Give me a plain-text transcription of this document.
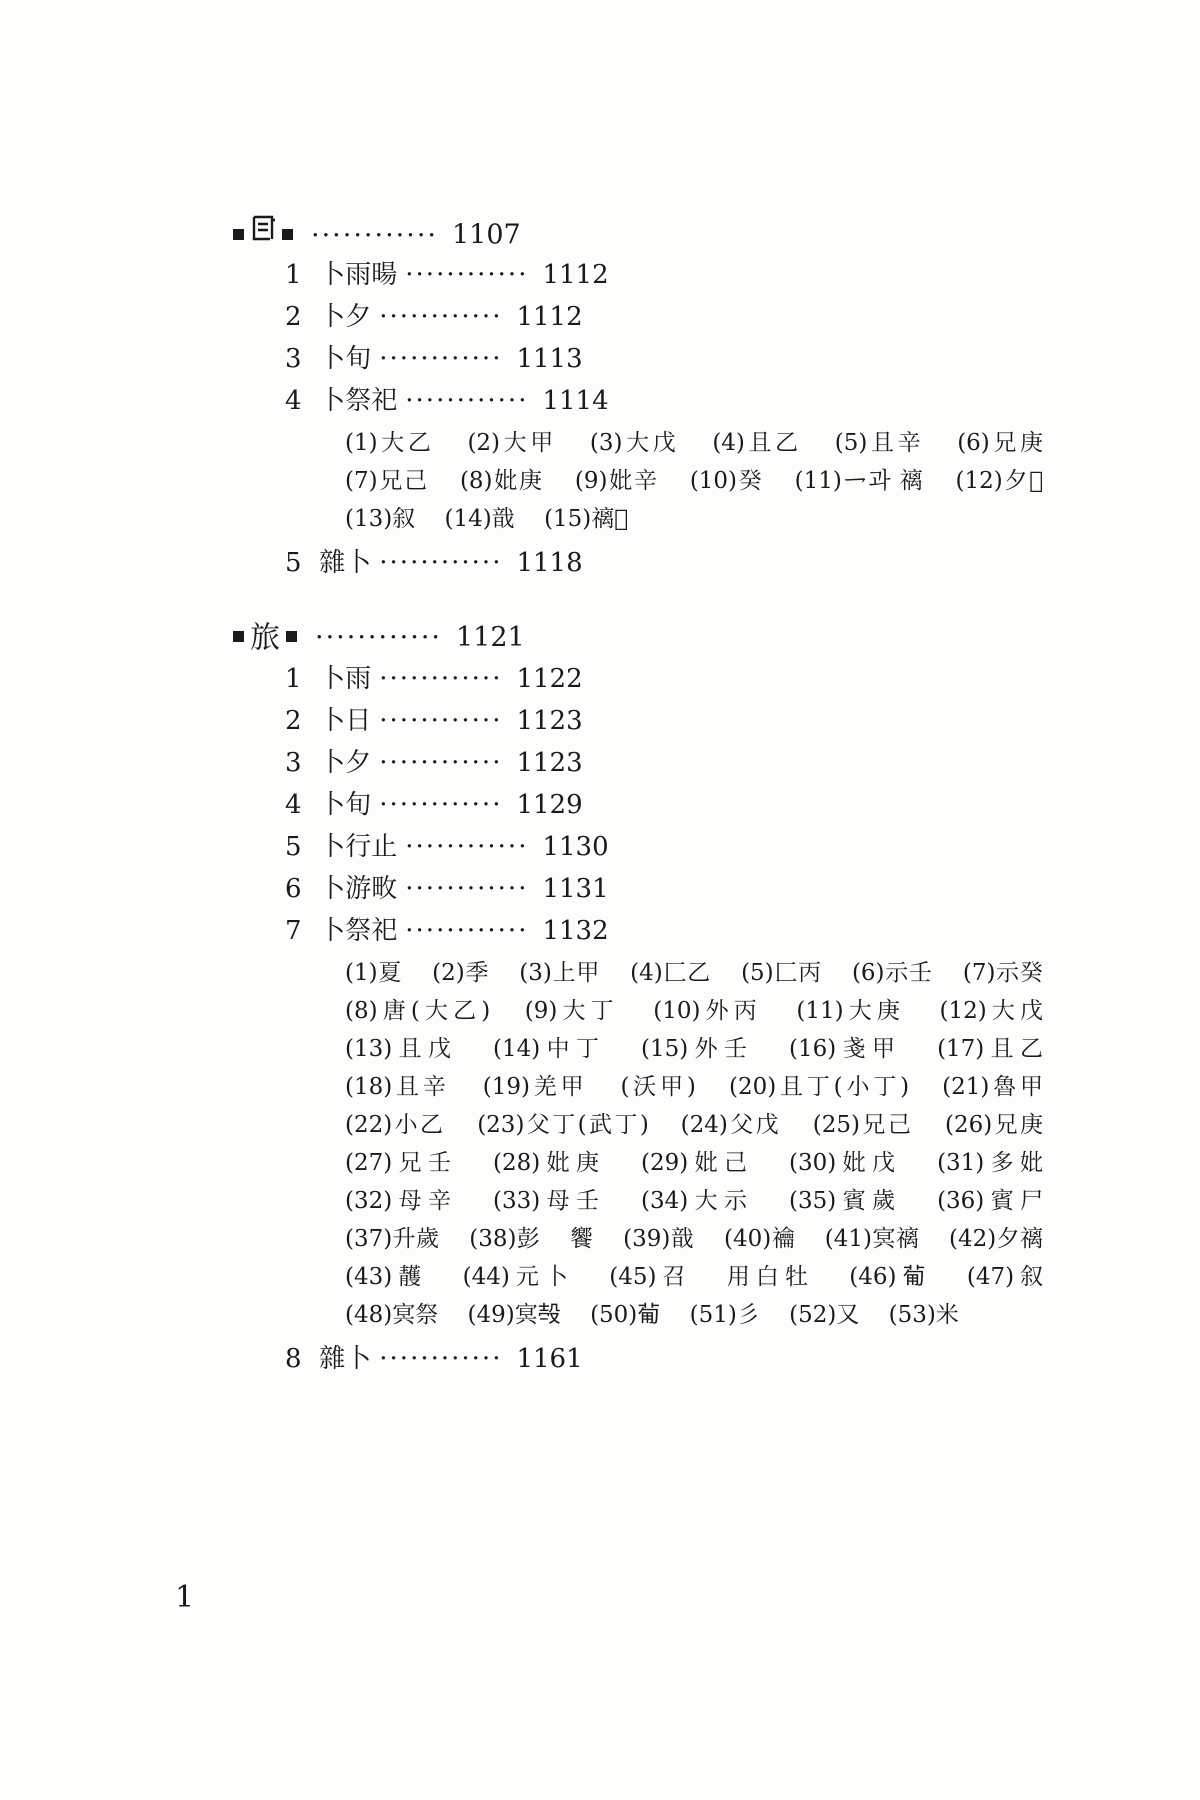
············ 1107
1 卜雨暘 ············ 1112
2 卜夕 ············ 1112
3 卜旬 ············ 1113
4 卜祭祀 ············ 1114
(1)大乙 (2)大甲 (3)大戊 (4)且乙 (5)且辛 (6)兄庚 (7)兄己 (8)妣庚 (9)妣辛 (10)癸 (11)𪛙과 䄜 (12)夕𡧊 (13)叙 (14)戠 (15)䄜𥙨
5 雜卜 ············ 1118
旅 ············ 1121
1 卜雨 ············ 1122
2 卜日 ············ 1123
3 卜夕 ············ 1123
4 卜旬 ············ 1129
5 卜行止 ············ 1130
6 卜游畋 ············ 1131
7 卜祭祀 ············ 1132
(1)夏 (2)季 (3)上甲 (4)匚乙 (5)匚丙 (6)示壬 (7)示癸 (8)唐(大乙) (9)大丁 (10)外丙 (11)大庚 (12)大戊 (13)且戊 (14)中丁 (15)外壬 (16)戔甲 (17)且乙 (18)且辛 (19)羌甲 (沃甲) (20)且丁(小丁) (21)魯甲 (22)小乙 (23)父丁(武丁) (24)父戊 (25)兄己 (26)兄庚 (27)兄壬 (28)妣庚 (29)妣己 (30)妣戊 (31)多妣 (32)母辛 (33)母壬 (34)大示 (35)賓歲 (36)賓尸 (37)升歲 (38)彭 饗 (39)戠 (40)禴 (41)㝠䄜 (42)夕䄜 (43)䨼 (44)元卜 (45)召 用白牡 (46)𤰈 (47)叙 (48)㝠祭 (49)㝠𣪊 (50)𤰈 (51)彡 (52)又 (53)米
8 雜卜 ············ 1161
1
